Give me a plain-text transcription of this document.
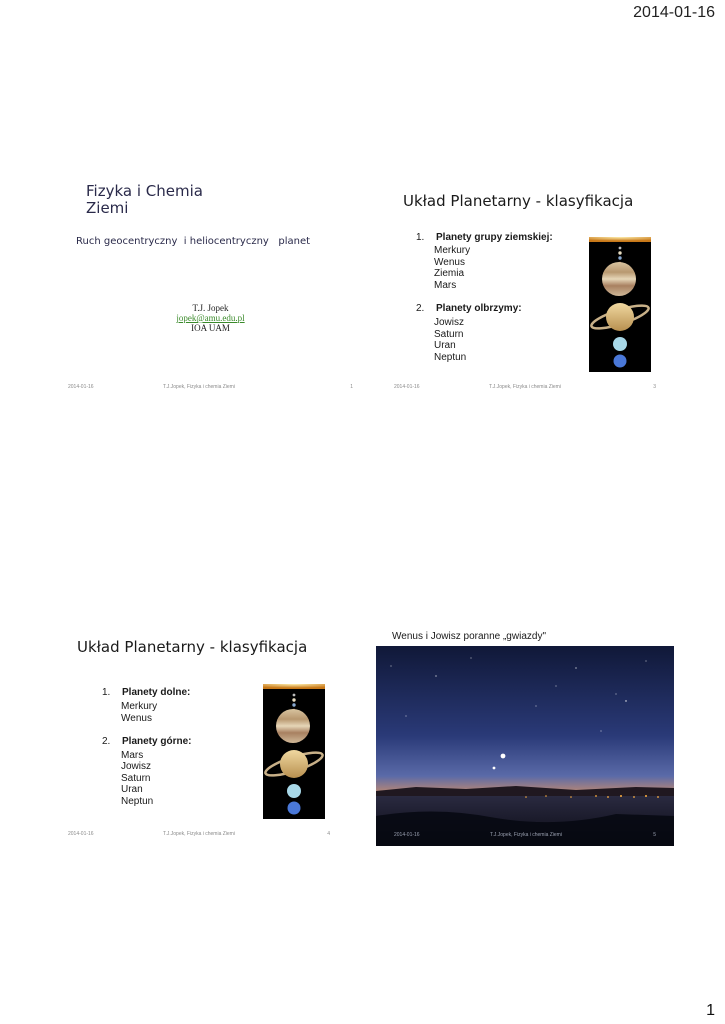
2014-01-16
Fizyka i Chemia
Ziemi
Ruch geocentryczny  i heliocentryczny   planet
T.J. Jopek
jopek@amu.edu.pl
IOA UAM
2014-01-16	T.J.Jopek, Fizyka i chemia Ziemi	1
Układ Planetarny - klasyfikacja
1. Planety grupy ziemskiej:
Merkury
Wenus
Ziemia
Mars
2. Planety olbrzymy:
Jowisz
Saturn
Uran
Neptun
2014-01-16	T.J.Jopek, Fizyka i chemia Ziemi	3
Układ Planetarny - klasyfikacja
1. Planety dolne:
Merkury
Wenus
2. Planety górne:
Mars
Jowisz
Saturn
Uran
Neptun
2014-01-16	T.J.Jopek, Fizyka i chemia Ziemi	4
Wenus i Jowisz poranne „gwiazdy"
2014-01-16	T.J.Jopek, Fizyka i chemia Ziemi	5
1
